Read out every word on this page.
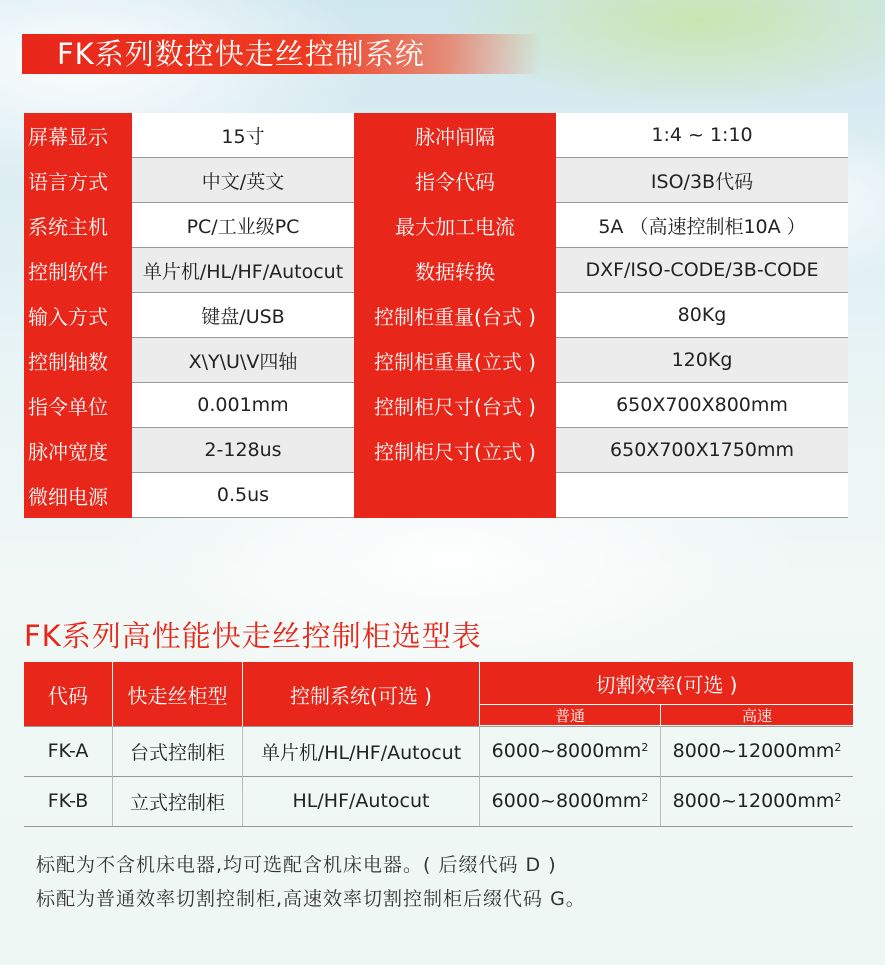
FK系列数控快走丝控制系统
屏幕显示	15寸	脉冲间隔	1:4 ~ 1:10
语言方式	中文/英文	指令代码	ISO/3B代码
系统主机	PC/工业级PC	最大加工电流	5A （高速控制柜10A ）
控制软件	单片机/HL/HF/Autocut	数据转换	DXF/ISO-CODE/3B-CODE
输入方式	键盘/USB	控制柜重量(台式 )	80Kg
控制轴数	X\Y\U\V四轴	控制柜重量(立式 )	120Kg
指令单位	0.001mm	控制柜尺寸(台式 )	650X700X800mm
脉冲宽度	2-128us	控制柜尺寸(立式 )	650X700X1750mm
微细电源	0.5us
FK系列高性能快走丝控制柜选型表
代码	快走丝柜型	控制系统(可选 )	切割效率(可选 )
普通	高速
FK-A	台式控制柜	单片机/HL/HF/Autocut	$6000\sim 8000mm^2$ $8000\sim 12000mm^2$
FK-B	立式控制柜	HL/HF/Autocut	$6000\sim 8000mm^2$ $8000\sim 12000mm^2$
标配为不含机床电器,均可选配含机床电器。( 后缀代码 D )
标配为普通效率切割控制柜,高速效率切割控制柜后缀代码 G。
